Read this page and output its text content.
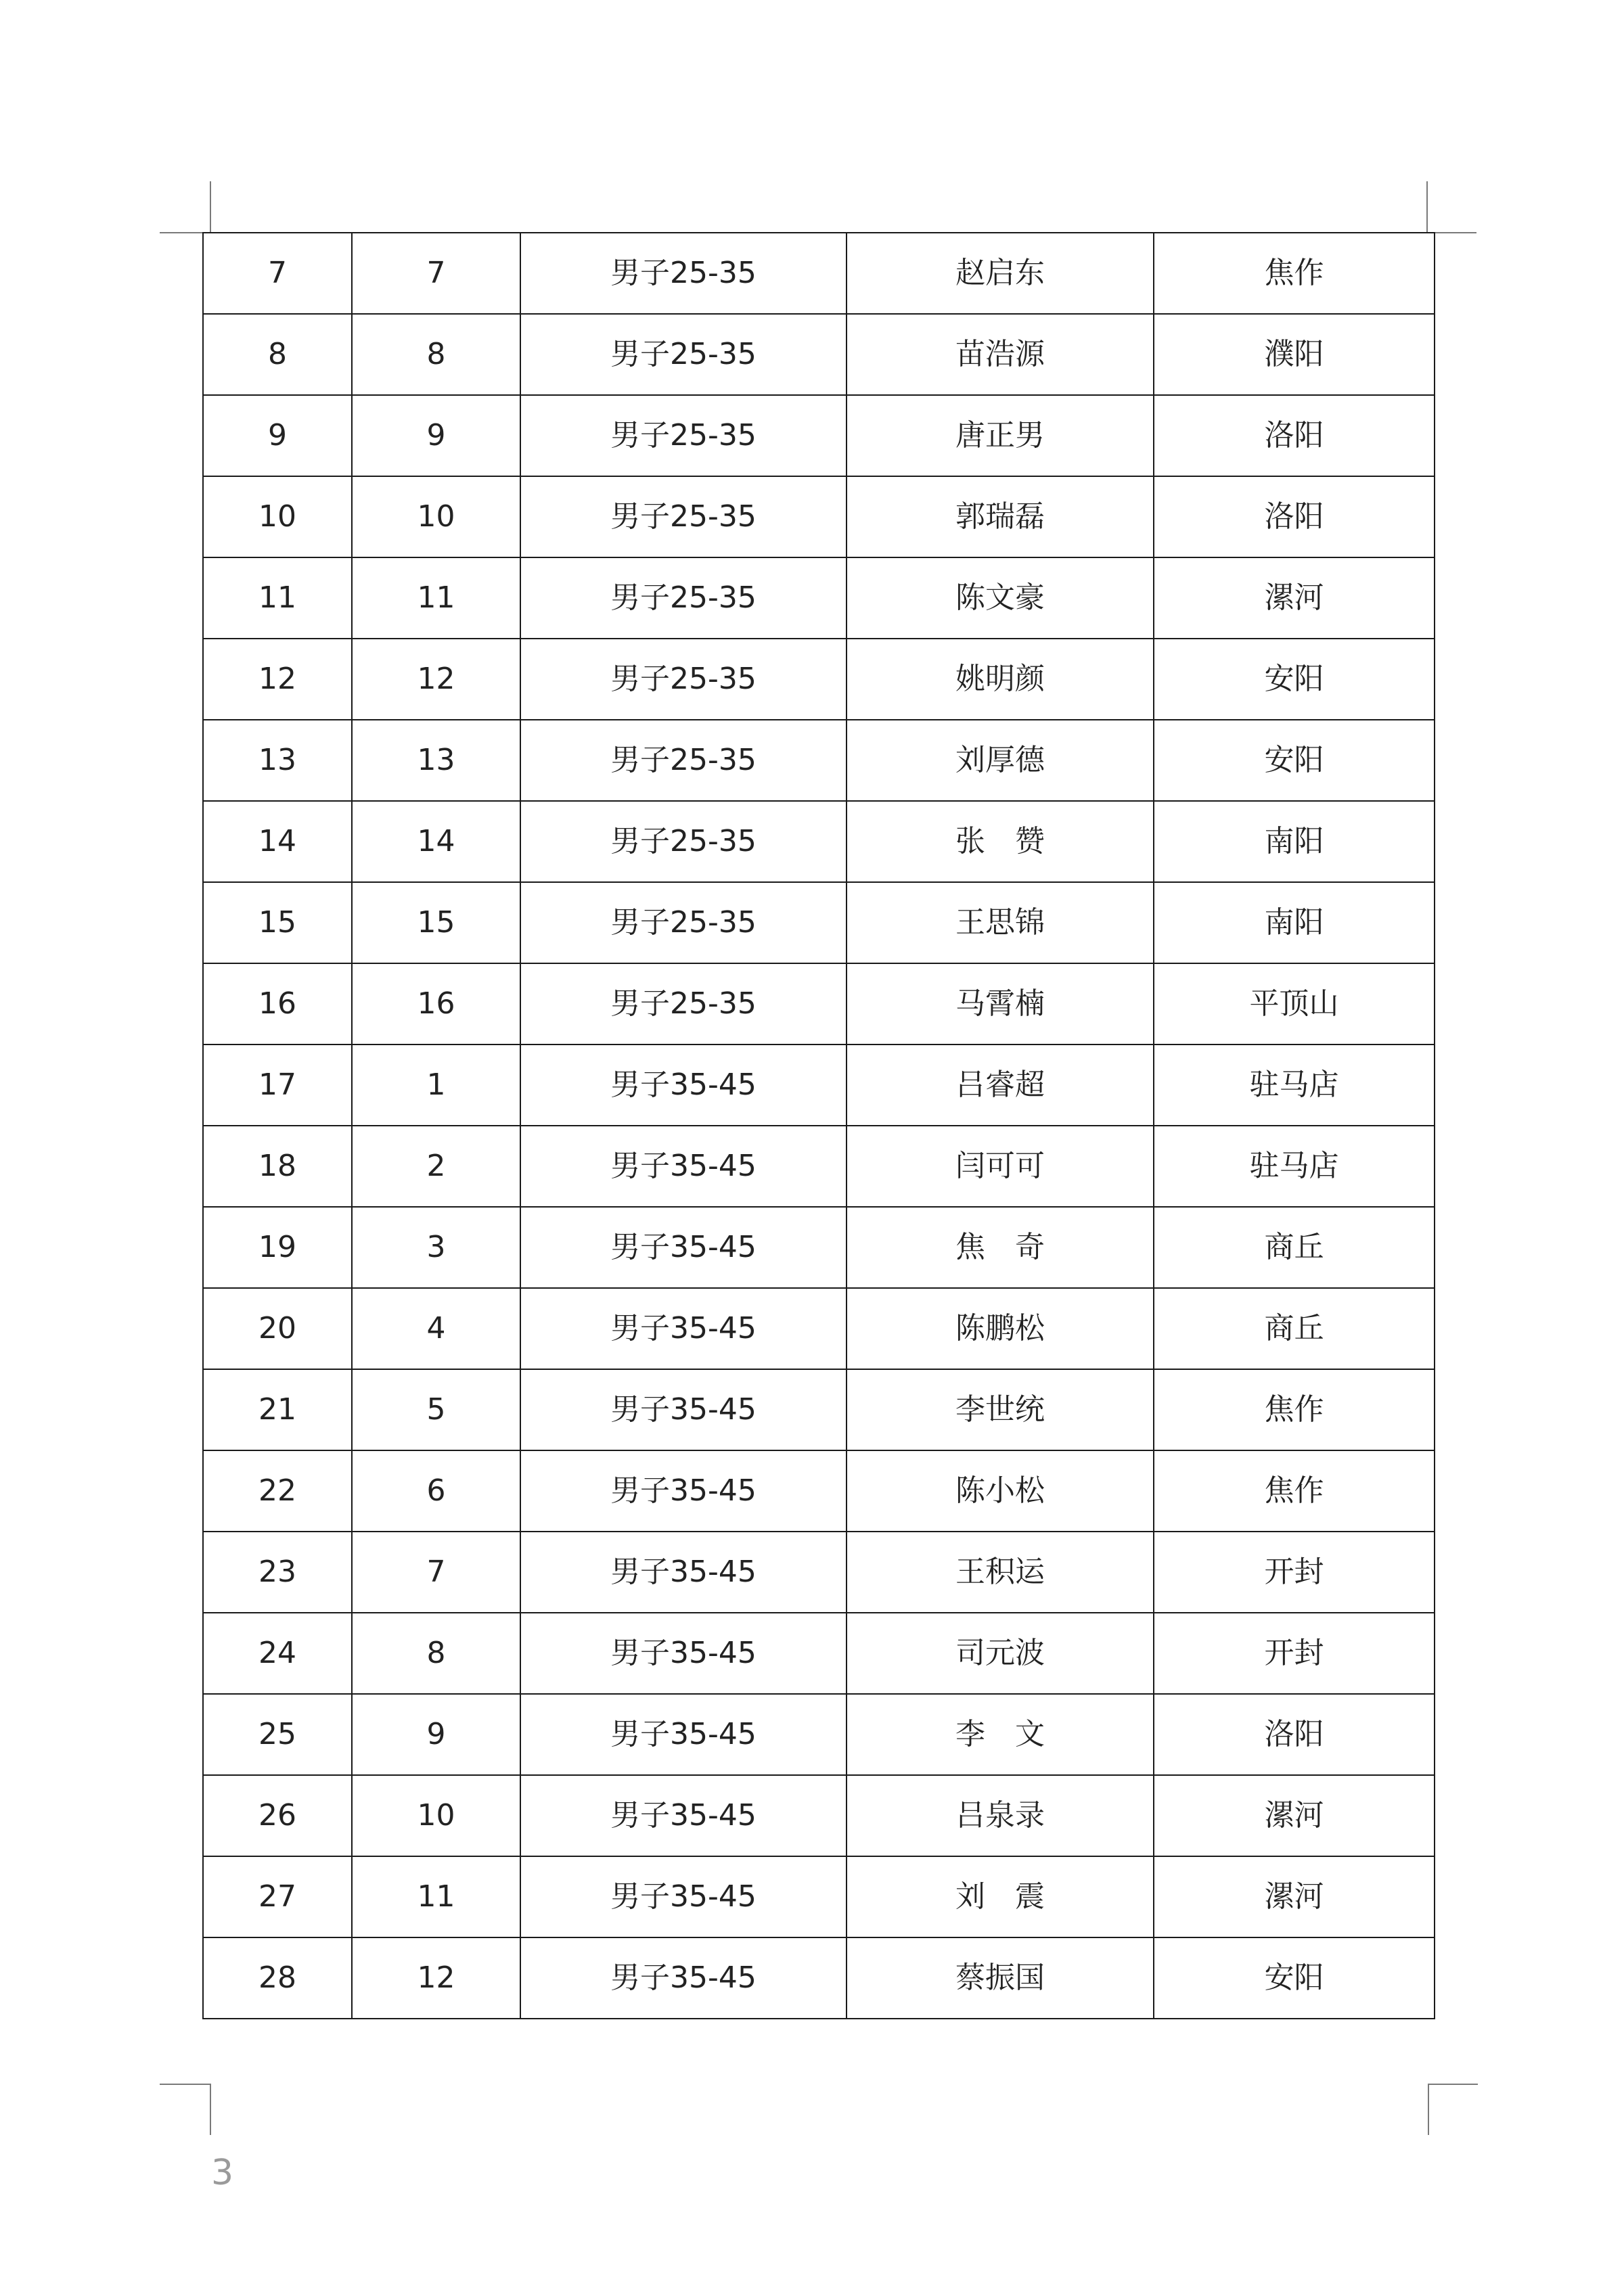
7	7	男子25-35	赵启东	焦作
8	8	男子25-35	苗浩源	濮阳
9	9	男子25-35	唐正男	洛阳
10	10	男子25-35	郭瑞磊	洛阳
11	11	男子25-35	陈文豪	漯河
12	12	男子25-35	姚明颜	安阳
13	13	男子25-35	刘厚德	安阳
14	14	男子25-35	张　赞	南阳
15	15	男子25-35	王思锦	南阳
16	16	男子25-35	马霄楠	平顶山
17	1	男子35-45	吕睿超	驻马店
18	2	男子35-45	闫可可	驻马店
19	3	男子35-45	焦　奇	商丘
20	4	男子35-45	陈鹏松	商丘
21	5	男子35-45	李世统	焦作
22	6	男子35-45	陈小松	焦作
23	7	男子35-45	王积运	开封
24	8	男子35-45	司元波	开封
25	9	男子35-45	李　文	洛阳
26	10	男子35-45	吕泉录	漯河
27	11	男子35-45	刘　震	漯河
28	12	男子35-45	蔡振国	安阳
3
